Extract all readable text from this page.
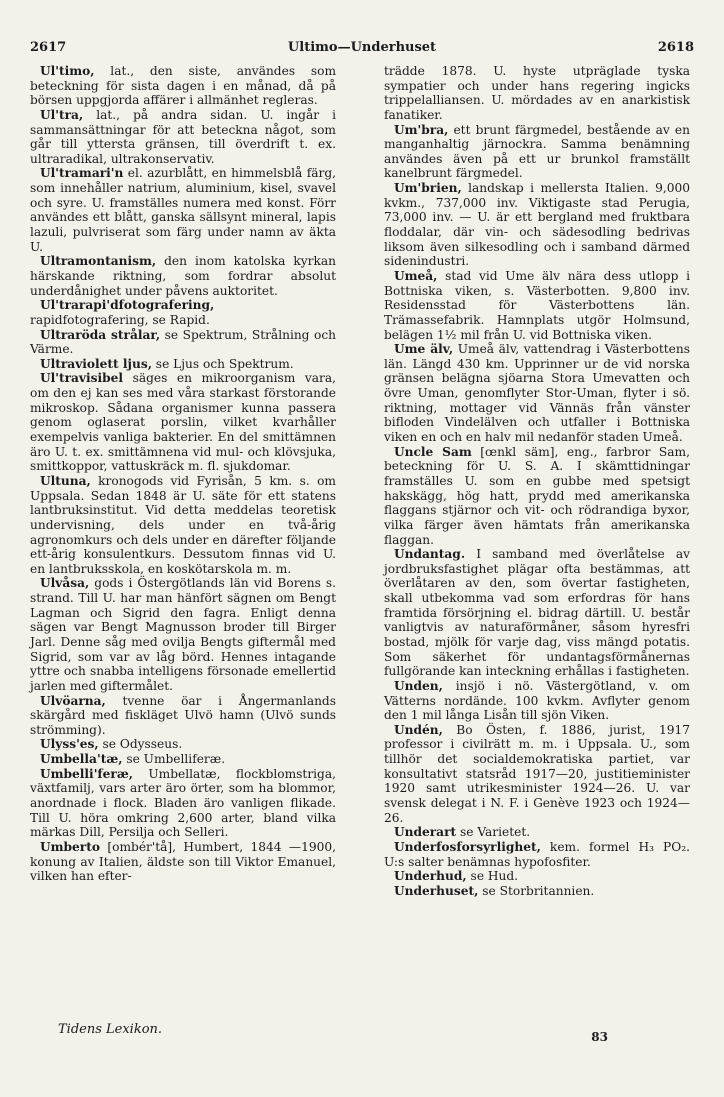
2617	Ultimo—Underhuset	2618

Ul'timo, lat., den siste, användes som beteckning för sista dagen i en månad, då på börsen uppgjorda affärer i allmänhet regleras.

Ul'tra, lat., på andra sidan. U. ingår i sammansättningar för att beteckna något, som går till yttersta gränsen, till överdrift t. ex. ultraradikal, ultrakonservativ.

Ul'tramari'n el. azurblått, en himmelsblå färg, som innehåller natrium, aluminium, kisel, svavel och syre. U. framställes numera med konst. Förr användes ett blått, ganska sällsynt mineral, lapis lazuli, pulvriserat som färg under namn av äkta U.

Ultramontanism, den inom katolska kyrkan härskande riktning, som fordrar absolut underdånighet under påvens auktoritet.

Ul'trarapi'dfotografering, rapidfotografering, se Rapid.

Ultraröda strålar, se Spektrum, Strålning och Värme.

Ultraviolett ljus, se Ljus och Spektrum.

Ul'travisibel säges en mikroorganism vara, om den ej kan ses med våra starkast förstorande mikroskop. Sådana organismer kunna passera genom oglaserat porslin, vilket kvarhåller exempelvis vanliga bakterier. En del smittämnen äro U. t. ex. smittämnena vid mul- och klövsjuka, smittkoppor, vattuskräck m. fl. sjukdomar.

Ultuna, kronogods vid Fyrisån, 5 km. s. om Uppsala. Sedan 1848 är U. säte för ett statens lantbruksinstitut. Vid detta meddelas teoretisk undervisning, dels under en två-årig agronomkurs och dels under en därefter följande ett-årig konsulentkurs. Dessutom finnas vid U. en lantbruksskola, en koskötarskola m. m.

Ulvåsa, gods i Östergötlands län vid Borens s. strand. Till U. har man hänfört sägnen om Bengt Lagman och Sigrid den fagra. Enligt denna sägen var Bengt Magnusson broder till Birger Jarl. Denne såg med ovilja Bengts giftermål med Sigrid, som var av låg börd. Hennes intagande yttre och snabba intelligens försonade emellertid jarlen med giftermålet.

Ulvöarna, tvenne öar i Ångermanlands skärgård med fiskläget Ulvö hamn (Ulvö sunds strömming).

Ulyss'es, se Odysseus.

Umbella'tæ, se Umbelliferæ.

Umbelli'feræ, Umbellatæ, flockblomstriga, växtfamilj, vars arter äro örter, som ha blommor, anordnade i flock. Bladen äro vanligen flikade. Till U. höra omkring 2,600 arter, bland vilka märkas Dill, Persilja och Selleri.

Umberto [ombér'tå], Humbert, 1844 —1900, konung av Italien, äldste son till Viktor Emanuel, vilken han efter-

trädde 1878. U. hyste utpräglade tyska sympatier och under hans regering ingicks trippelalliansen. U. mördades av en anarkistisk fanatiker.

Um'bra, ett brunt färgmedel, bestående av en manganhaltig järnockra. Samma benämning användes även på ett ur brunkol framställt kanelbrunt färgmedel.

Um'brien, landskap i mellersta Italien. 9,000 kvkm., 737,000 inv. Viktigaste stad Perugia, 73,000 inv. — U. är ett bergland med fruktbara floddalar, där vin- och sädesodling bedrivas liksom även silkesodling och i samband därmed sidenindustri.

Umeå, stad vid Ume älv nära dess utlopp i Bottniska viken, s. Västerbotten. 9,800 inv. Residensstad för Västerbottens län. Trämassefabrik. Hamnplats utgör Holmsund, belägen 1½ mil från U. vid Bottniska viken.

Ume älv, Umeå älv, vattendrag i Västerbottens län. Längd 430 km. Upprinner ur de vid norska gränsen belägna sjöarna Stora Umevatten och övre Uman, genomflyter Stor-Uman, flyter i sö. riktning, mottager vid Vännäs från vänster bifloden Vindelälven och utfaller i Bottniska viken en och en halv mil nedanför staden Umeå.

Uncle Sam [œnkl säm], eng., farbror Sam, beteckning för U. S. A. I skämttidningar framställes U. som en gubbe med spetsigt hakskägg, hög hatt, prydd med amerikanska flaggans stjärnor och vit- och rödrandiga byxor, vilka färger även hämtats från amerikanska flaggan.

Undantag. I samband med överlåtelse av jordbruksfastighet plägar ofta bestämmas, att överlåtaren av den, som övertar fastigheten, skall utbekomma vad som erfordras för hans framtida försörjning el. bidrag därtill. U. består vanligtvis av naturaförmåner, såsom hyresfri bostad, mjölk för varje dag, viss mängd potatis. Som säkerhet för undantagsförmånernas fullgörande kan inteckning erhållas i fastigheten.

Unden, insjö i nö. Västergötland, v. om Vätterns nordände. 100 kvkm. Avflyter genom den 1 mil långa Lisån till sjön Viken.

Undén, Bo Östen, f. 1886, jurist, 1917 professor i civilrätt m. m. i Uppsala. U., som tillhör det socialdemokratiska partiet, var konsultativt statsråd 1917—20, justitieminister 1920 samt utrikesminister 1924—26. U. var svensk delegat i N. F. i Genève 1923 och 1924—26.

Underart se Varietet.

Underfosforsyrlighet, kem. formel H₃ PO₂. U:s salter benämnas hypofosfiter.

Underhud, se Hud.

Underhuset, se Storbritannien.

Tidens Lexikon.	83
